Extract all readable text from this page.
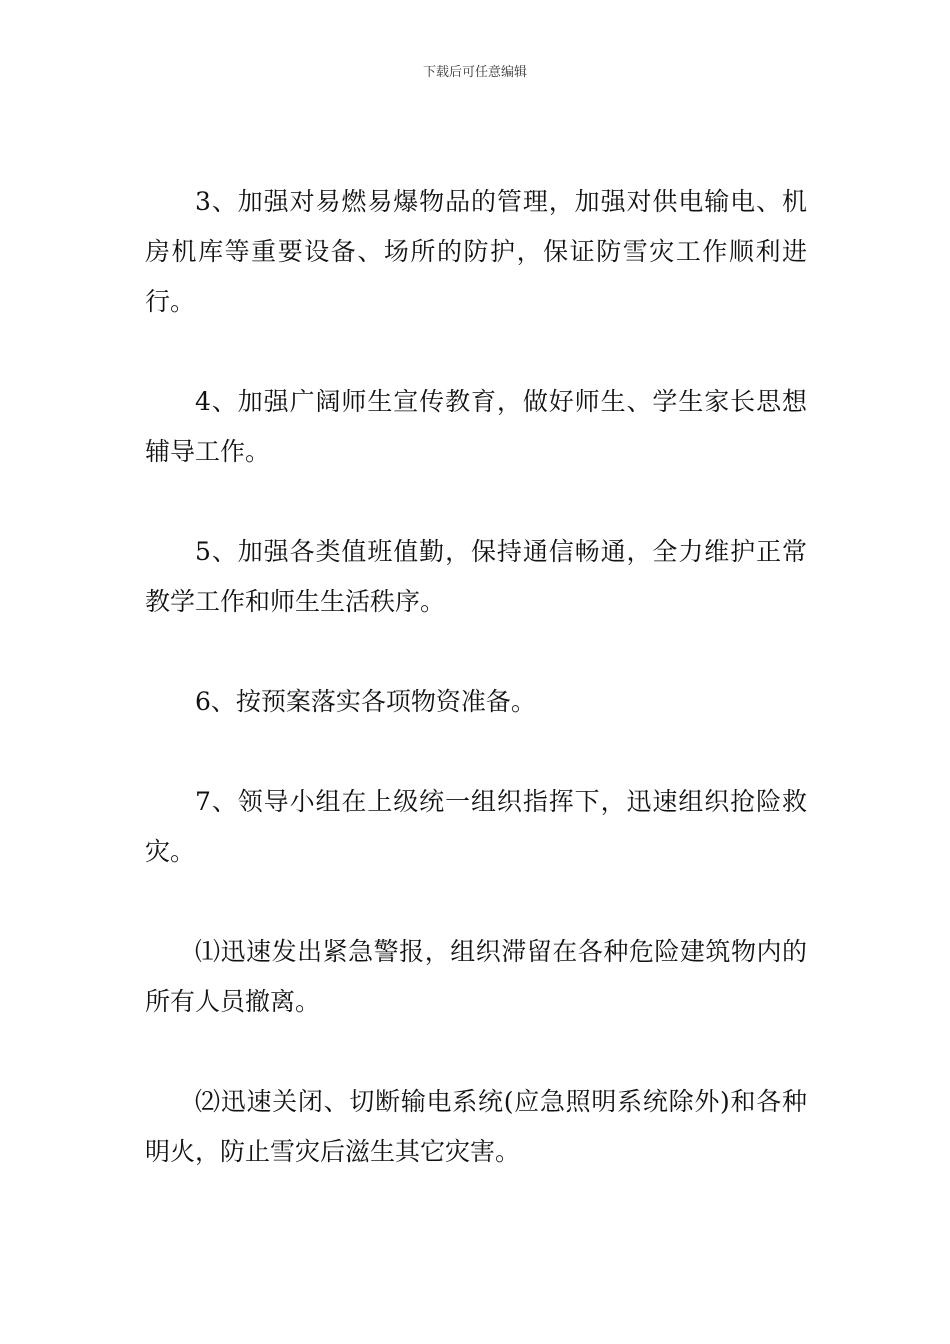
下载后可任意编辑

3、加强对易燃易爆物品的管理，加强对供电输电、机房机库等重要设备、场所的防护，保证防雪灾工作顺利进行。

4、加强广阔师生宣传教育，做好师生、学生家长思想辅导工作。

5、加强各类值班值勤，保持通信畅通，全力维护正常教学工作和师生生活秩序。

6、按预案落实各项物资准备。

7、领导小组在上级统一组织指挥下，迅速组织抢险救灾。

⑴迅速发出紧急警报，组织滞留在各种危险建筑物内的所有人员撤离。

⑵迅速关闭、切断输电系统(应急照明系统除外)和各种明火，防止雪灾后滋生其它灾害。
